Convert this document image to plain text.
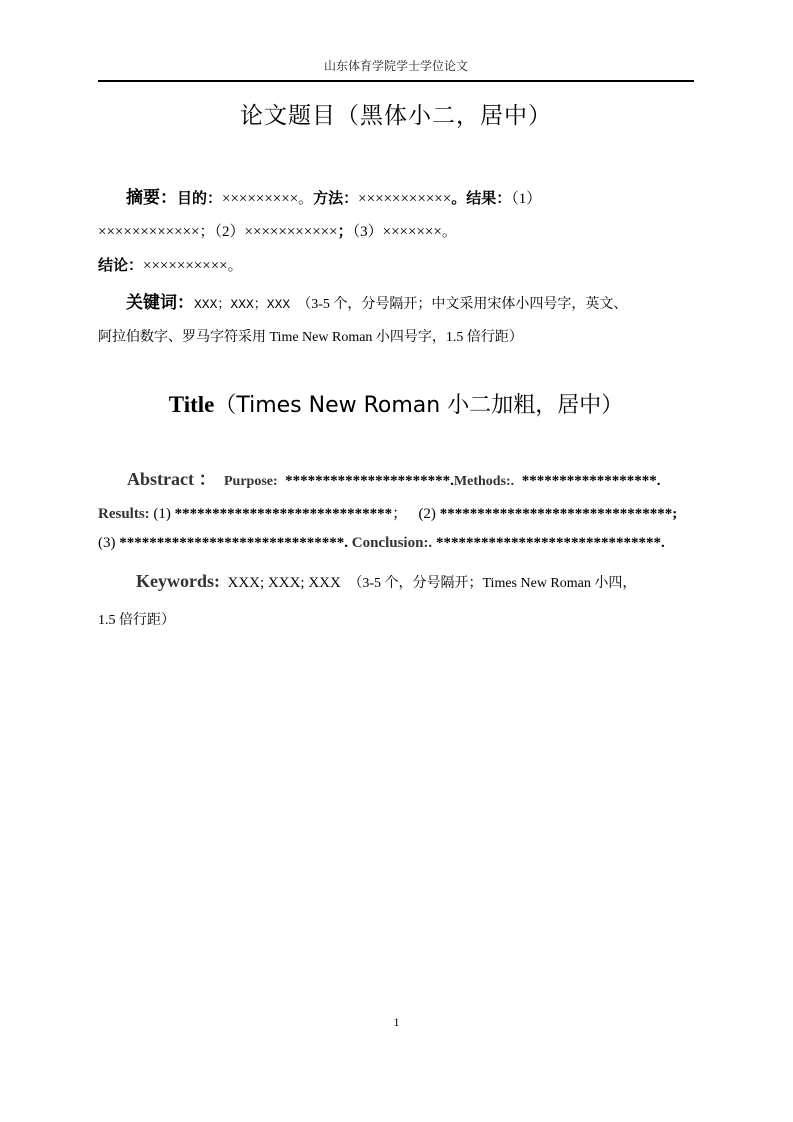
山东体育学院学士学位论文
论文题目（黑体小二，居中）
摘要：目的：×××××××××。方法：×××××××××××。结果：（1）
××××××××××××；（2）×××××××××××；（3）×××××××。
结论：××××××××××。
关键词：XXX；XXX；XXX （3-5 个，分号隔开；中文采用宋体小四号字，英文、
阿拉伯数字、罗马字符采用 Time New Roman 小四号字，1.5 倍行距）
Title（Times New Roman 小二加粗，居中）
Abstract ： Purpose: **********************.Methods:. ******************.
Results: (1) *****************************； (2) *******************************;
(3) ******************************. Conclusion:. ******************************.
Keywords: XXX; XXX; XXX （3-5 个，分号隔开；Times New Roman 小四，
1.5 倍行距）
1
